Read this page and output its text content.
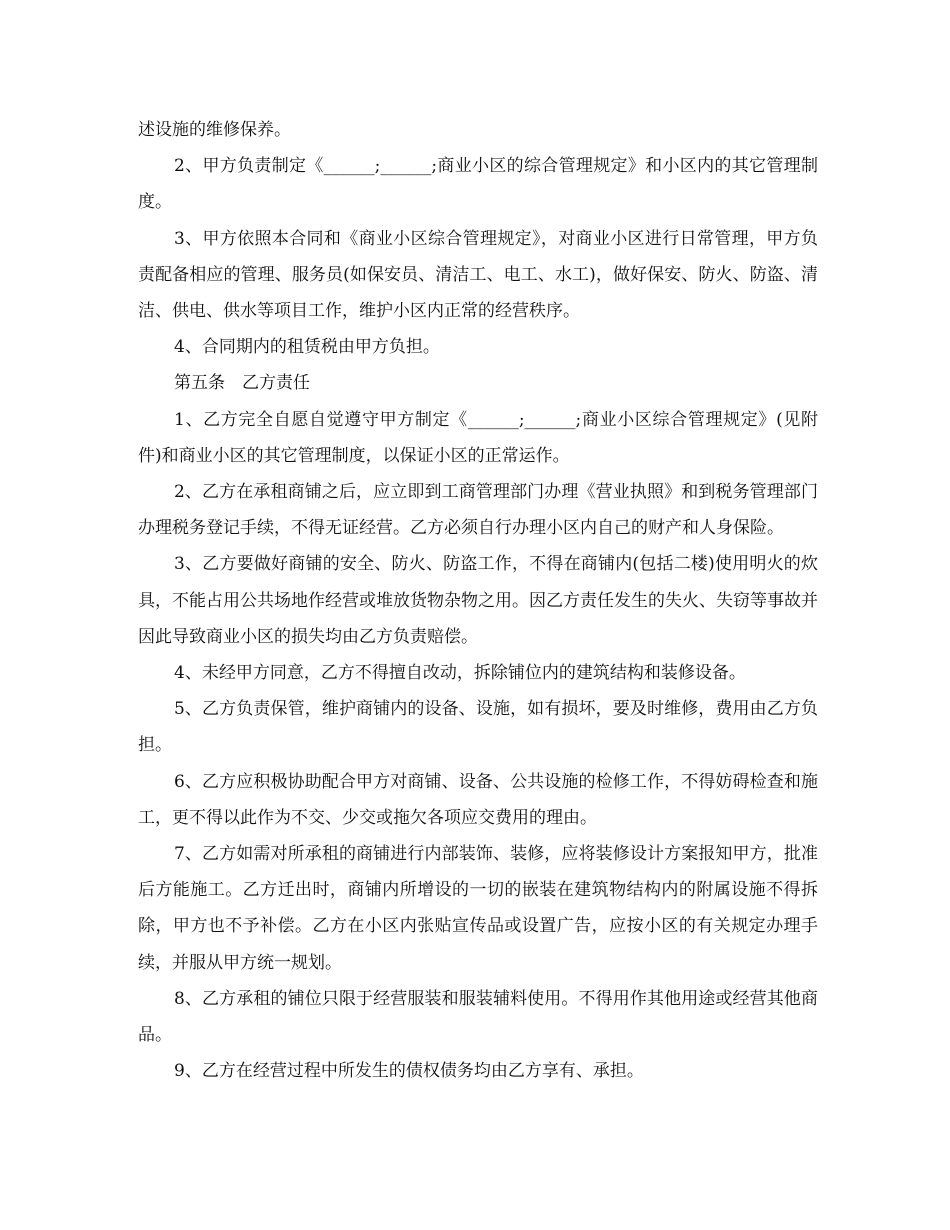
述设施的维修保养。

2、甲方负责制定《______;______;商业小区的综合管理规定》和小区内的其它管理制度。

3、甲方依照本合同和《商业小区综合管理规定》，对商业小区进行日常管理，甲方负责配备相应的管理、服务员(如保安员、清洁工、电工、水工)，做好保安、防火、防盗、清洁、供电、供水等项目工作，维护小区内正常的经营秩序。

4、合同期内的租赁税由甲方负担。

第五条　乙方责任

1、乙方完全自愿自觉遵守甲方制定《______;______;商业小区综合管理规定》(见附件)和商业小区的其它管理制度，以保证小区的正常运作。

2、乙方在承租商铺之后，应立即到工商管理部门办理《营业执照》和到税务管理部门办理税务登记手续，不得无证经营。乙方必须自行办理小区内自己的财产和人身保险。

3、乙方要做好商铺的安全、防火、防盗工作，不得在商铺内(包括二楼)使用明火的炊具，不能占用公共场地作经营或堆放货物杂物之用。因乙方责任发生的失火、失窃等事故并因此导致商业小区的损失均由乙方负责赔偿。

4、未经甲方同意，乙方不得擅自改动，拆除铺位内的建筑结构和装修设备。

5、乙方负责保管，维护商铺内的设备、设施，如有损坏，要及时维修，费用由乙方负担。

6、乙方应积极协助配合甲方对商铺、设备、公共设施的检修工作，不得妨碍检查和施工，更不得以此作为不交、少交或拖欠各项应交费用的理由。

7、乙方如需对所承租的商铺进行内部装饰、装修，应将装修设计方案报知甲方，批准后方能施工。乙方迁出时，商铺内所增设的一切的嵌装在建筑物结构内的附属设施不得拆除，甲方也不予补偿。乙方在小区内张贴宣传品或设置广告，应按小区的有关规定办理手续，并服从甲方统一规划。

8、乙方承租的铺位只限于经营服装和服装辅料使用。不得用作其他用途或经营其他商品。

9、乙方在经营过程中所发生的债权债务均由乙方享有、承担。
